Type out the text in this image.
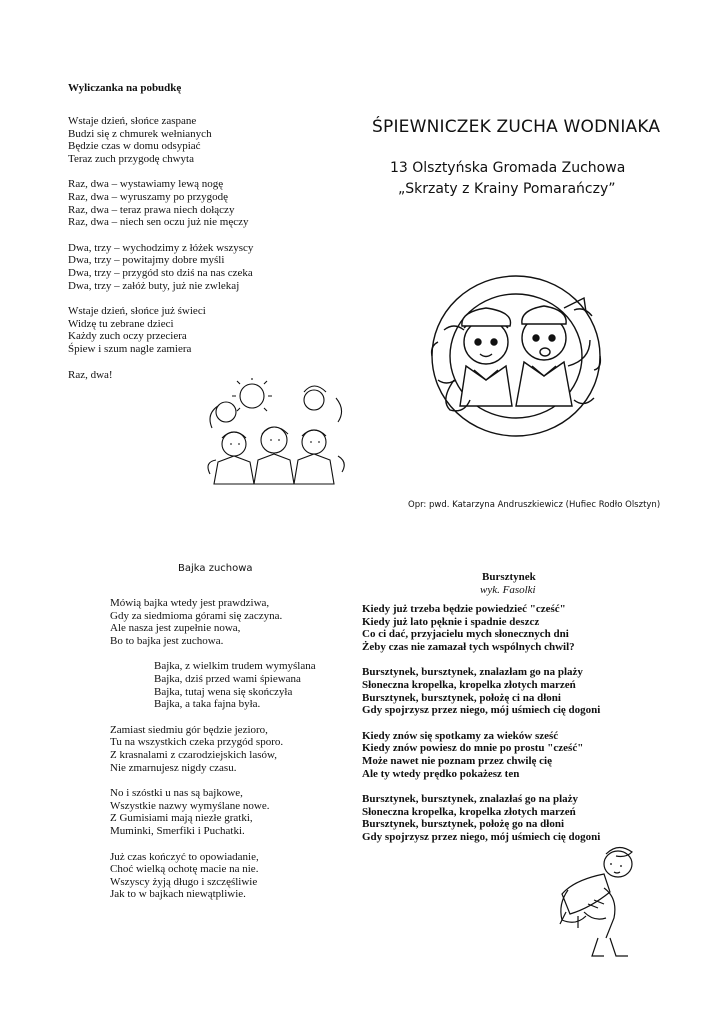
Wyliczanka na pobudkę
Wstaje dzień, słońce zaspane
Budzi się z chmurek wełnianych
Będzie czas w domu odsypiać
Teraz zuch przygodę chwyta
Raz, dwa – wystawiamy lewą nogę
Raz, dwa – wyruszamy po przygodę
Raz, dwa – teraz prawa niech dołączy
Raz, dwa – niech sen oczu już nie męczy
Dwa, trzy – wychodzimy z łóżek wszyscy
Dwa, trzy – powitajmy dobre myśli
Dwa, trzy – przygód sto dziś na nas czeka
Dwa, trzy – załóż buty, już nie zwlekaj
Wstaje dzień, słońce już świeci
Widzę tu zebrane dzieci
Każdy zuch oczy przeciera
Śpiew i szum nagle zamiera
Raz, dwa!
ŚPIEWNICZEK ZUCHA WODNIAKA
13 Olsztyńska Gromada Zuchowa
„Skrzaty z Krainy Pomarańczy”
Opr: pwd. Katarzyna Andruszkiewicz (Hufiec Rodło Olsztyn)
Bajka zuchowa
Mówią bajka wtedy jest prawdziwa,
Gdy za siedmioma górami się zaczyna.
Ale nasza jest zupełnie nowa,
Bo to bajka jest zuchowa.
Bajka, z wielkim trudem wymyślana
Bajka, dziś przed wami śpiewana
Bajka, tutaj wena się skończyła
Bajka, a taka fajna była.
Zamiast siedmiu gór będzie jezioro,
Tu na wszystkich czeka przygód sporo.
Z krasnalami z czarodziejskich lasów,
Nie zmarnujesz nigdy czasu.
No i szóstki u nas są bajkowe,
Wszystkie nazwy wymyślane nowe.
Z Gumisiami mają niezłe gratki,
Muminki, Smerfiki i Puchatki.
Już czas kończyć to opowiadanie,
Choć wielką ochotę macie na nie.
Wszyscy żyją długo i szczęśliwie
Jak to w bajkach niewątpliwie.
Bursztynek
wyk. Fasolki
Kiedy już trzeba będzie powiedzieć "cześć"
Kiedy już lato pęknie i spadnie deszcz
Co ci dać, przyjacielu mych słonecznych dni
Żeby czas nie zamazał tych wspólnych chwil?
Bursztynek, bursztynek, znalazłam go na plaży
Słoneczna kropelka, kropelka złotych marzeń
Bursztynek, bursztynek, położę ci na dłoni
Gdy spojrzysz przez niego, mój uśmiech cię dogoni
Kiedy znów się spotkamy za wieków sześć
Kiedy znów powiesz do mnie po prostu "cześć"
Może nawet nie poznam przez chwilę cię
Ale ty wtedy prędko pokażesz ten
Bursztynek, bursztynek, znalazłaś go na plaży
Słoneczna kropelka, kropelka złotych marzeń
Bursztynek, bursztynek, położę go na dłoni
Gdy spojrzysz przez niego, mój uśmiech cię dogoni
